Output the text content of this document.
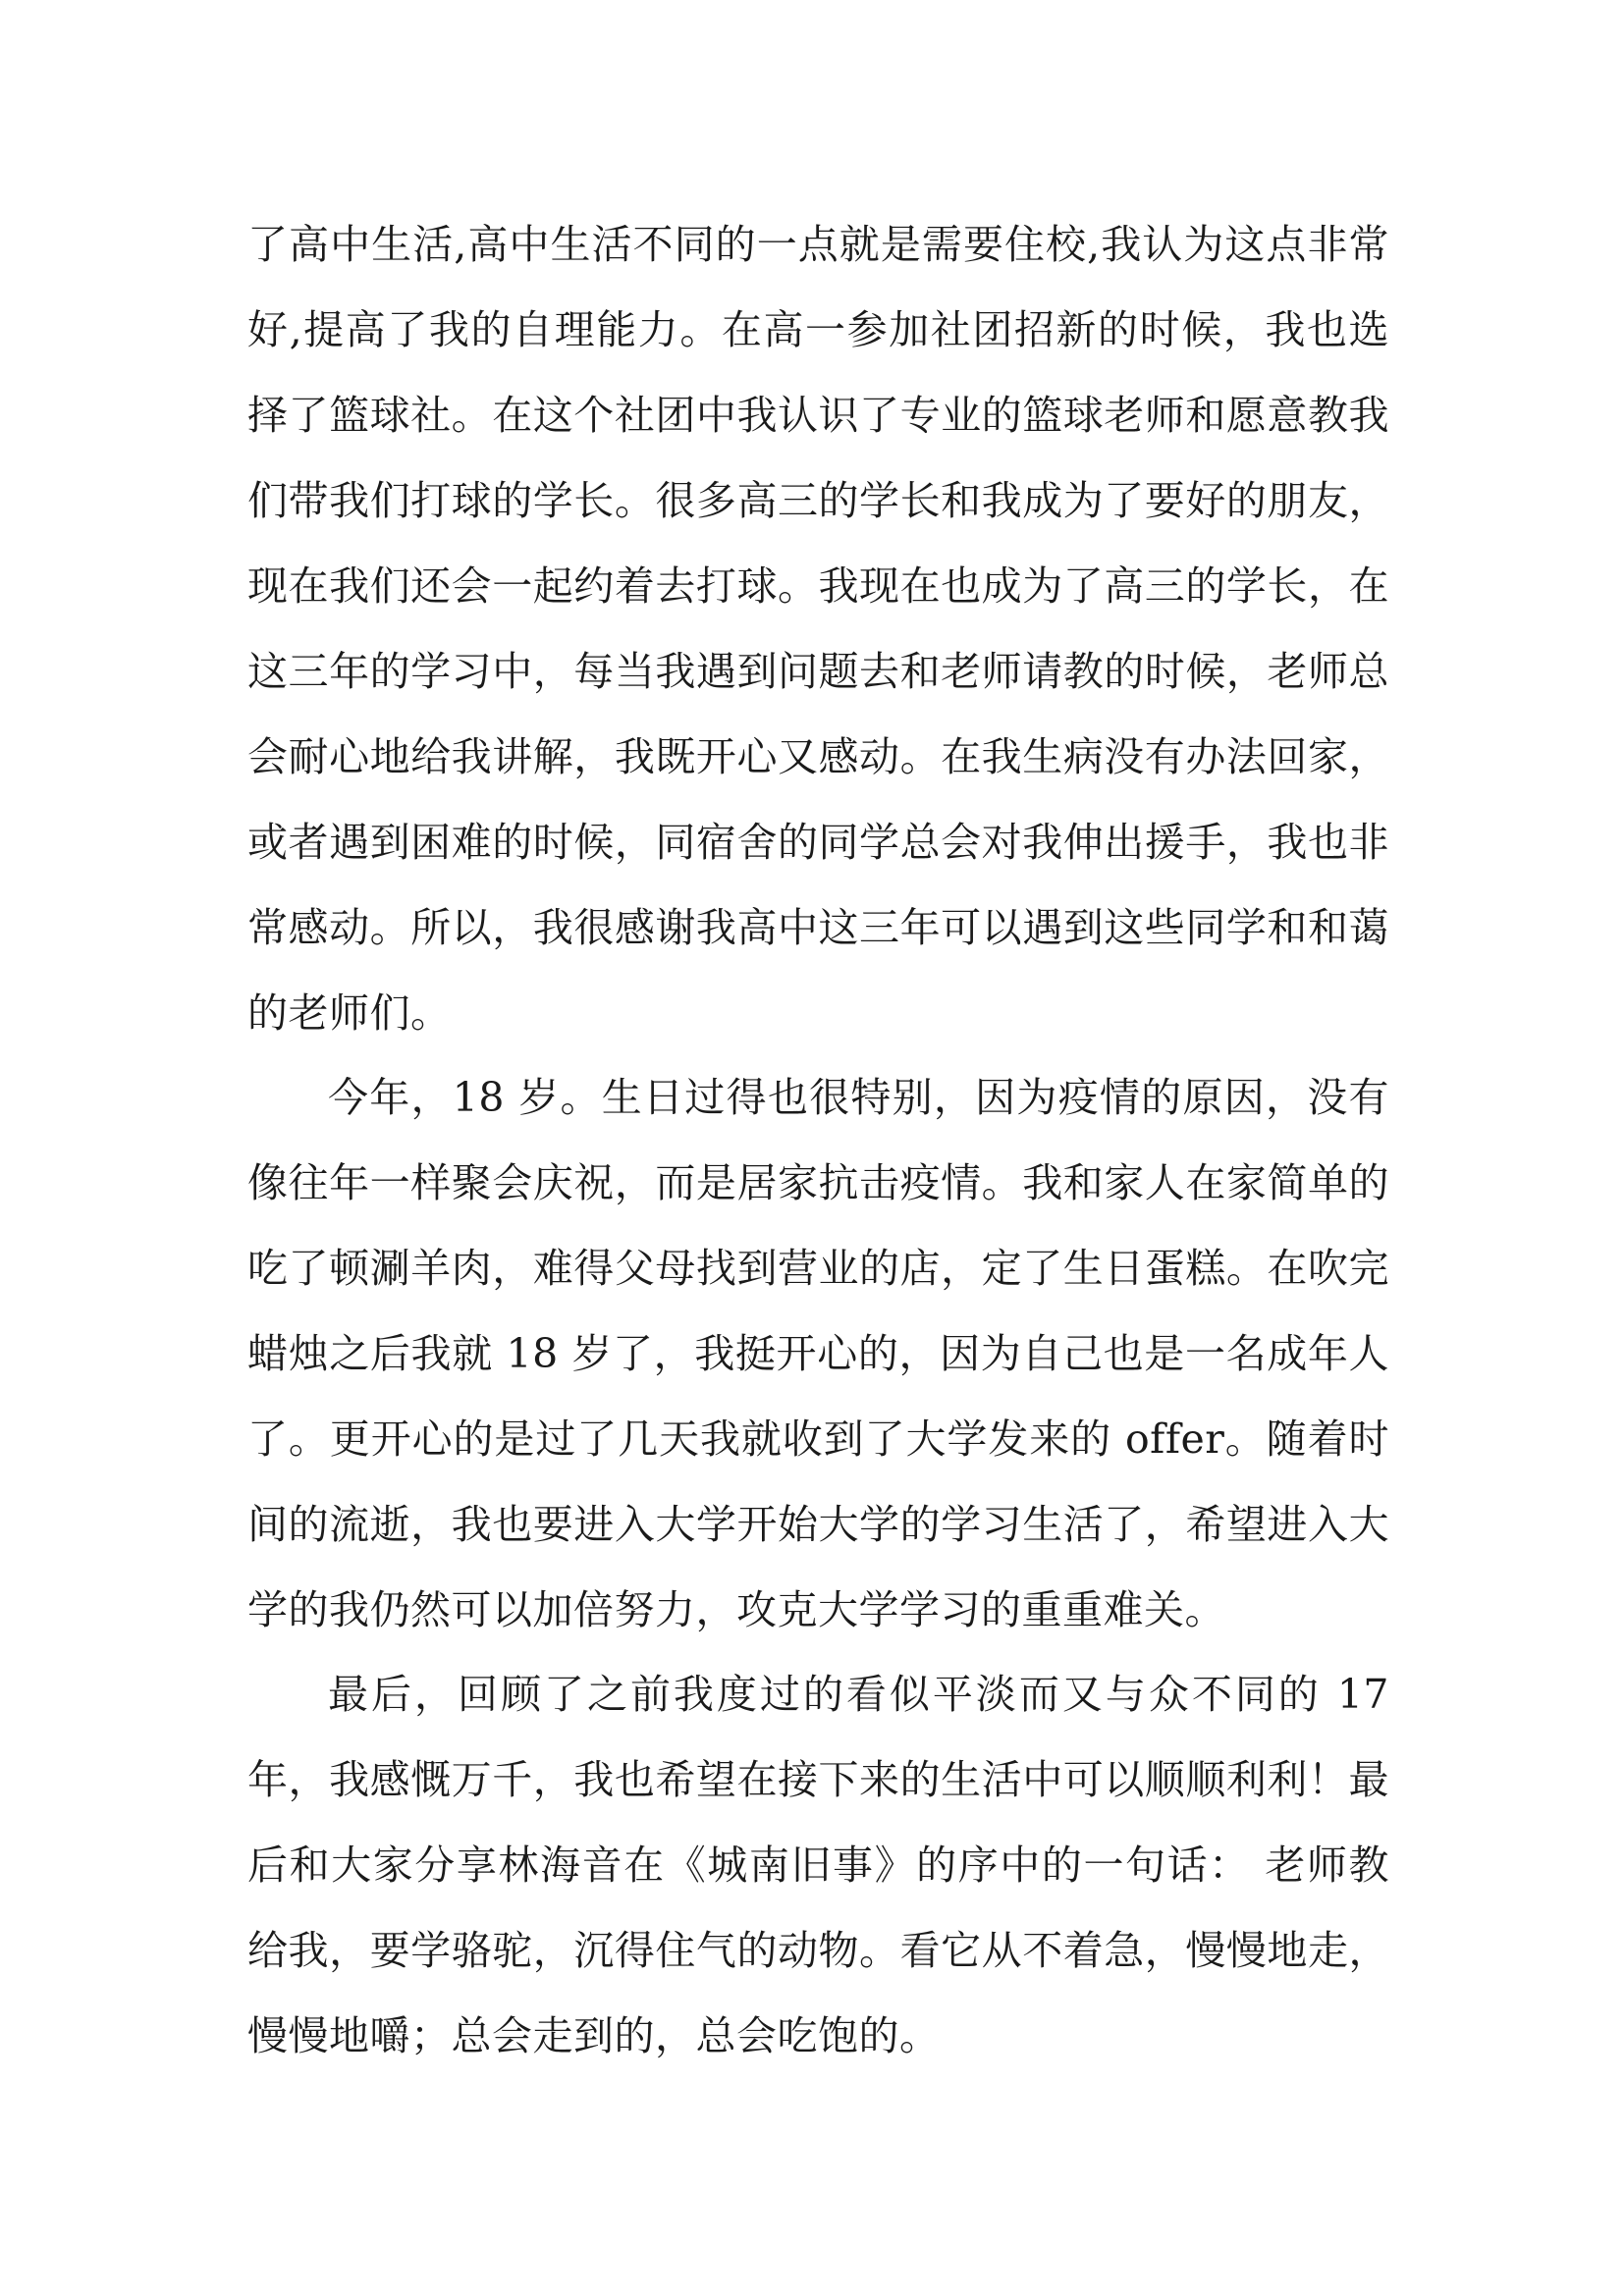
了高中生活,高中生活不同的一点就是需要住校,我认为这点非常好,提高了我的自理能力。在高一参加社团招新的时候，我也选择了篮球社。在这个社团中我认识了专业的篮球老师和愿意教我们带我们打球的学长。很多高三的学长和我成为了要好的朋友，现在我们还会一起约着去打球。我现在也成为了高三的学长，在这三年的学习中，每当我遇到问题去和老师请教的时候，老师总会耐心地给我讲解，我既开心又感动。在我生病没有办法回家，或者遇到困难的时候，同宿舍的同学总会对我伸出援手，我也非常感动。所以，我很感谢我高中这三年可以遇到这些同学和和蔼的老师们。

今年，18 岁。生日过得也很特别，因为疫情的原因，没有像往年一样聚会庆祝，而是居家抗击疫情。我和家人在家简单的吃了顿涮羊肉，难得父母找到营业的店，定了生日蛋糕。在吹完蜡烛之后我就 18 岁了，我挺开心的，因为自己也是一名成年人了。更开心的是过了几天我就收到了大学发来的 offer。随着时间的流逝，我也要进入大学开始大学的学习生活了，希望进入大学的我仍然可以加倍努力，攻克大学学习的重重难关。

最后，回顾了之前我度过的看似平淡而又与众不同的 17 年，我感慨万千，我也希望在接下来的生活中可以顺顺利利！最后和大家分享林海音在《城南旧事》的序中的一句话： 老师教给我，要学骆驼，沉得住气的动物。看它从不着急，慢慢地走，慢慢地嚼；总会走到的，总会吃饱的。
